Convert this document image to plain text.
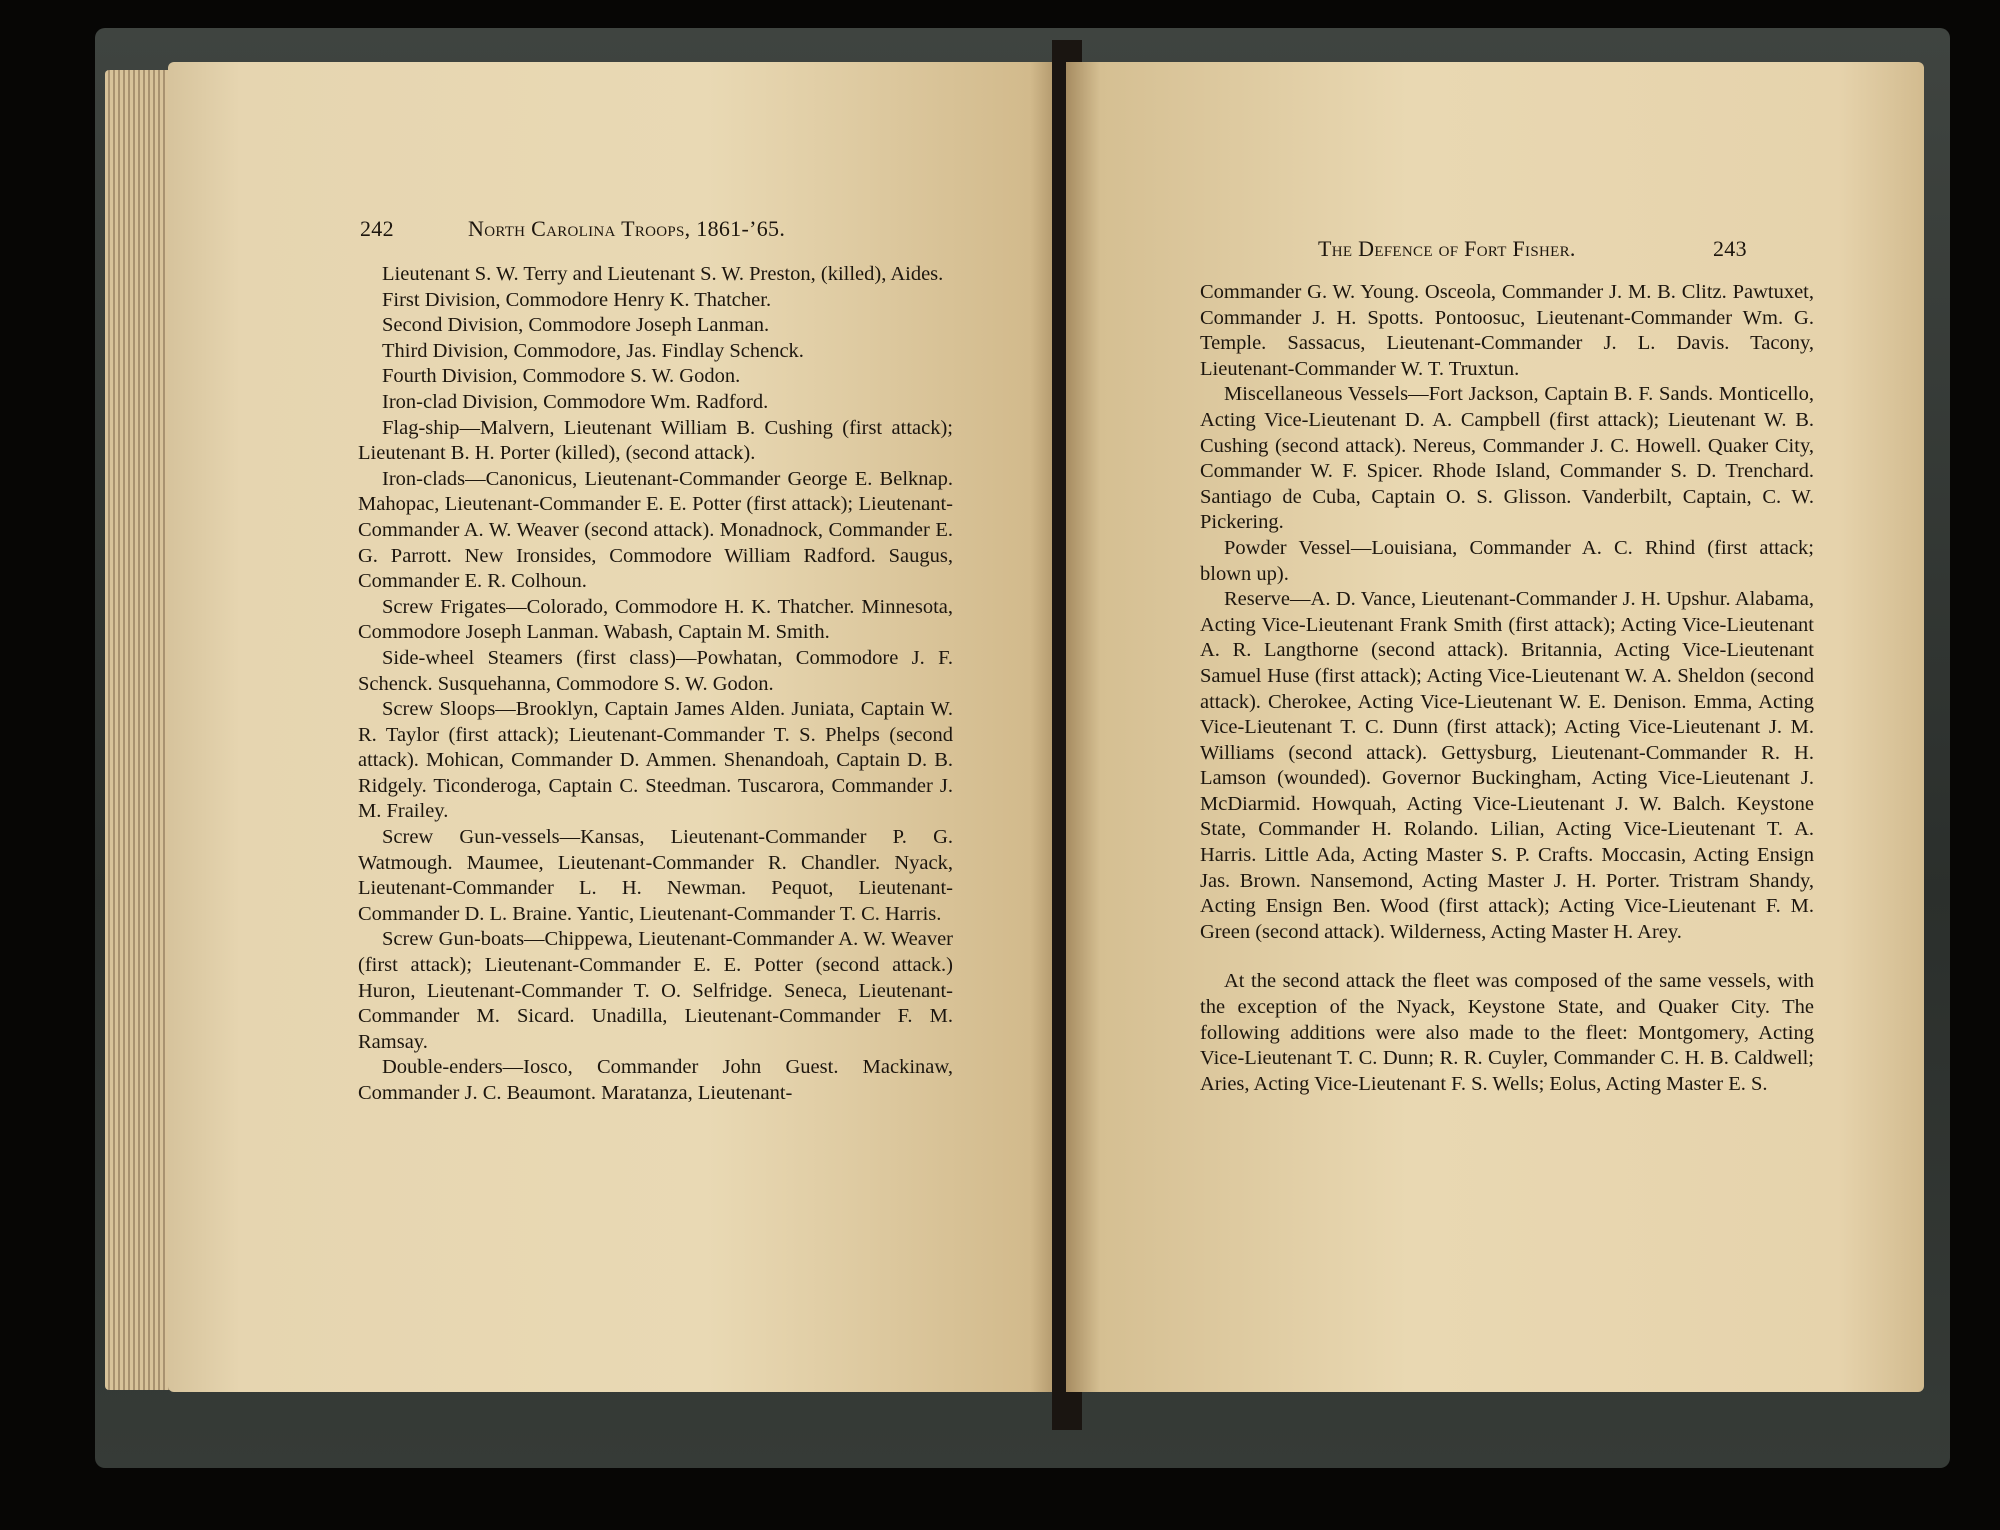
242	North Carolina Troops, 1861-’65.

Lieutenant S. W. Terry and Lieutenant S. W. Preston, (killed), Aides.

First Division, Commodore Henry K. Thatcher.

Second Division, Commodore Joseph Lanman.

Third Division, Commodore, Jas. Findlay Schenck.

Fourth Division, Commodore S. W. Godon.

Iron-clad Division, Commodore Wm. Radford.

Flag-ship—Malvern, Lieutenant William B. Cushing (first attack); Lieutenant B. H. Porter (killed), (second attack).

Iron-clads—Canonicus, Lieutenant-Commander George E. Belknap. Mahopac, Lieutenant-Commander E. E. Potter (first attack); Lieutenant-Commander A. W. Weaver (second attack). Monadnock, Commander E. G. Parrott. New Ironsides, Commodore William Radford. Saugus, Commander E. R. Colhoun.

Screw Frigates—Colorado, Commodore H. K. Thatcher. Minnesota, Commodore Joseph Lanman. Wabash, Captain M. Smith.

Side-wheel Steamers (first class)—Powhatan, Commodore J. F. Schenck. Susquehanna, Commodore S. W. Godon.

Screw Sloops—Brooklyn, Captain James Alden. Juniata, Captain W. R. Taylor (first attack); Lieutenant-Commander T. S. Phelps (second attack). Mohican, Commander D. Ammen. Shenandoah, Captain D. B. Ridgely. Ticonderoga, Captain C. Steedman. Tuscarora, Commander J. M. Frailey.

Screw Gun-vessels—Kansas, Lieutenant-Commander P. G. Watmough. Maumee, Lieutenant-Commander R. Chandler. Nyack, Lieutenant-Commander L. H. Newman. Pequot, Lieutenant-Commander D. L. Braine. Yantic, Lieutenant-Commander T. C. Harris.

Screw Gun-boats—Chippewa, Lieutenant-Commander A. W. Weaver (first attack); Lieutenant-Commander E. E. Potter (second attack.) Huron, Lieutenant-Commander T. O. Selfridge. Seneca, Lieutenant-Commander M. Sicard. Unadilla, Lieutenant-Commander F. M. Ramsay.

Double-enders—Iosco, Commander John Guest. Mackinaw, Commander J. C. Beaumont. Maratanza, Lieutenant-

The Defence of Fort Fisher.	243

Commander G. W. Young. Osceola, Commander J. M. B. Clitz. Pawtuxet, Commander J. H. Spotts. Pontoosuc, Lieutenant-Commander Wm. G. Temple. Sassacus, Lieutenant-Commander J. L. Davis. Tacony, Lieutenant-Commander W. T. Truxtun.

Miscellaneous Vessels—Fort Jackson, Captain B. F. Sands. Monticello, Acting Vice-Lieutenant D. A. Campbell (first attack); Lieutenant W. B. Cushing (second attack). Nereus, Commander J. C. Howell. Quaker City, Commander W. F. Spicer. Rhode Island, Commander S. D. Trenchard. Santiago de Cuba, Captain O. S. Glisson. Vanderbilt, Captain, C. W. Pickering.

Powder Vessel—Louisiana, Commander A. C. Rhind (first attack; blown up).

Reserve—A. D. Vance, Lieutenant-Commander J. H. Upshur. Alabama, Acting Vice-Lieutenant Frank Smith (first attack); Acting Vice-Lieutenant A. R. Langthorne (second attack). Britannia, Acting Vice-Lieutenant Samuel Huse (first attack); Acting Vice-Lieutenant W. A. Sheldon (second attack). Cherokee, Acting Vice-Lieutenant W. E. Denison. Emma, Acting Vice-Lieutenant T. C. Dunn (first attack); Acting Vice-Lieutenant J. M. Williams (second attack). Gettysburg, Lieutenant-Commander R. H. Lamson (wounded). Governor Buckingham, Acting Vice-Lieutenant J. McDiarmid. Howquah, Acting Vice-Lieutenant J. W. Balch. Keystone State, Commander H. Rolando. Lilian, Acting Vice-Lieutenant T. A. Harris. Little Ada, Acting Master S. P. Crafts. Moccasin, Acting Ensign Jas. Brown. Nansemond, Acting Master J. H. Porter. Tristram Shandy, Acting Ensign Ben. Wood (first attack); Acting Vice-Lieutenant F. M. Green (second attack). Wilderness, Acting Master H. Arey.

At the second attack the fleet was composed of the same vessels, with the exception of the Nyack, Keystone State, and Quaker City. The following additions were also made to the fleet: Montgomery, Acting Vice-Lieutenant T. C. Dunn; R. R. Cuyler, Commander C. H. B. Caldwell; Aries, Acting Vice-Lieutenant F. S. Wells; Eolus, Acting Master E. S.
